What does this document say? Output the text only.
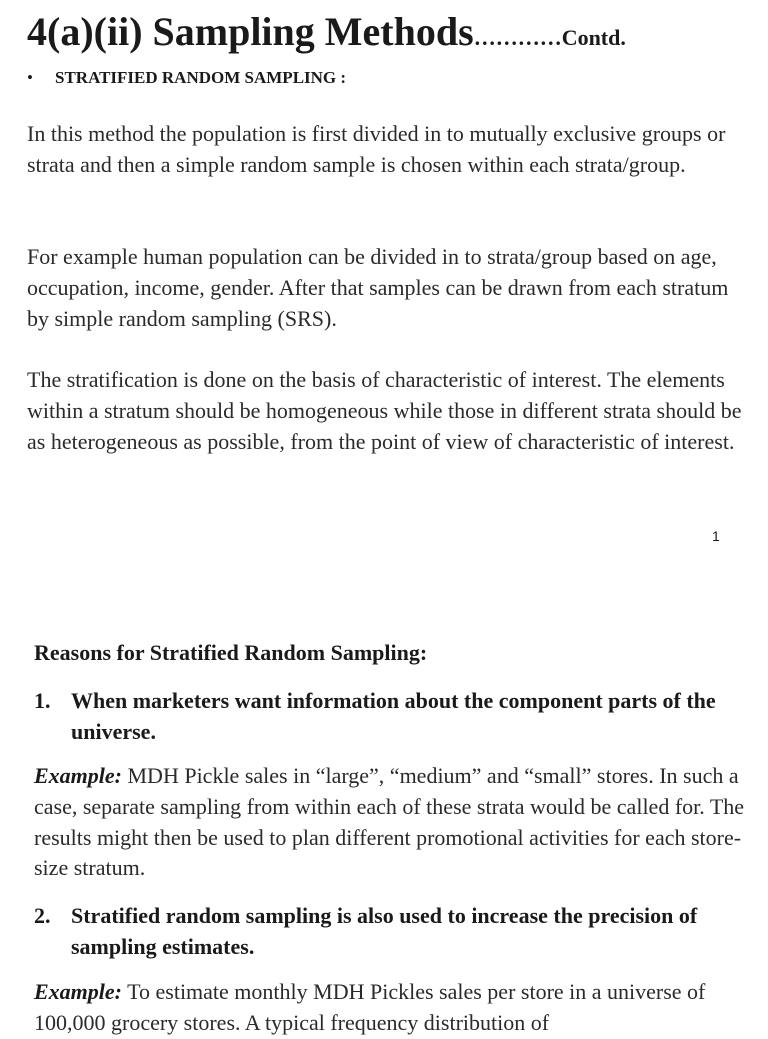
4(a)(ii) Sampling Methods…………Contd.
• STRATIFIED RANDOM SAMPLING :

In this method the population is first divided in to mutually exclusive groups or strata and then a simple random sample is chosen within each strata/group.

For example human population can be divided in to strata/group based on age, occupation, income, gender. After that samples can be drawn from each stratum by simple random sampling (SRS).

The stratification is done on the basis of characteristic of interest. The elements within a stratum should be homogeneous while those in different strata should be as heterogeneous as possible, from the point of view of characteristic of interest.

1
Reasons for Stratified Random Sampling:
1. When marketers want information about the component parts of the universe.

Example: MDH Pickle sales in “large”, “medium” and “small” stores. In such a case, separate sampling from within each of these strata would be called for. The results might then be used to plan different promotional activities for each store-size stratum.

2. Stratified random sampling is also used to increase the precision of sampling estimates.

Example: To estimate monthly MDH Pickles sales per store in a universe of 100,000 grocery stores. A typical frequency distribution of
